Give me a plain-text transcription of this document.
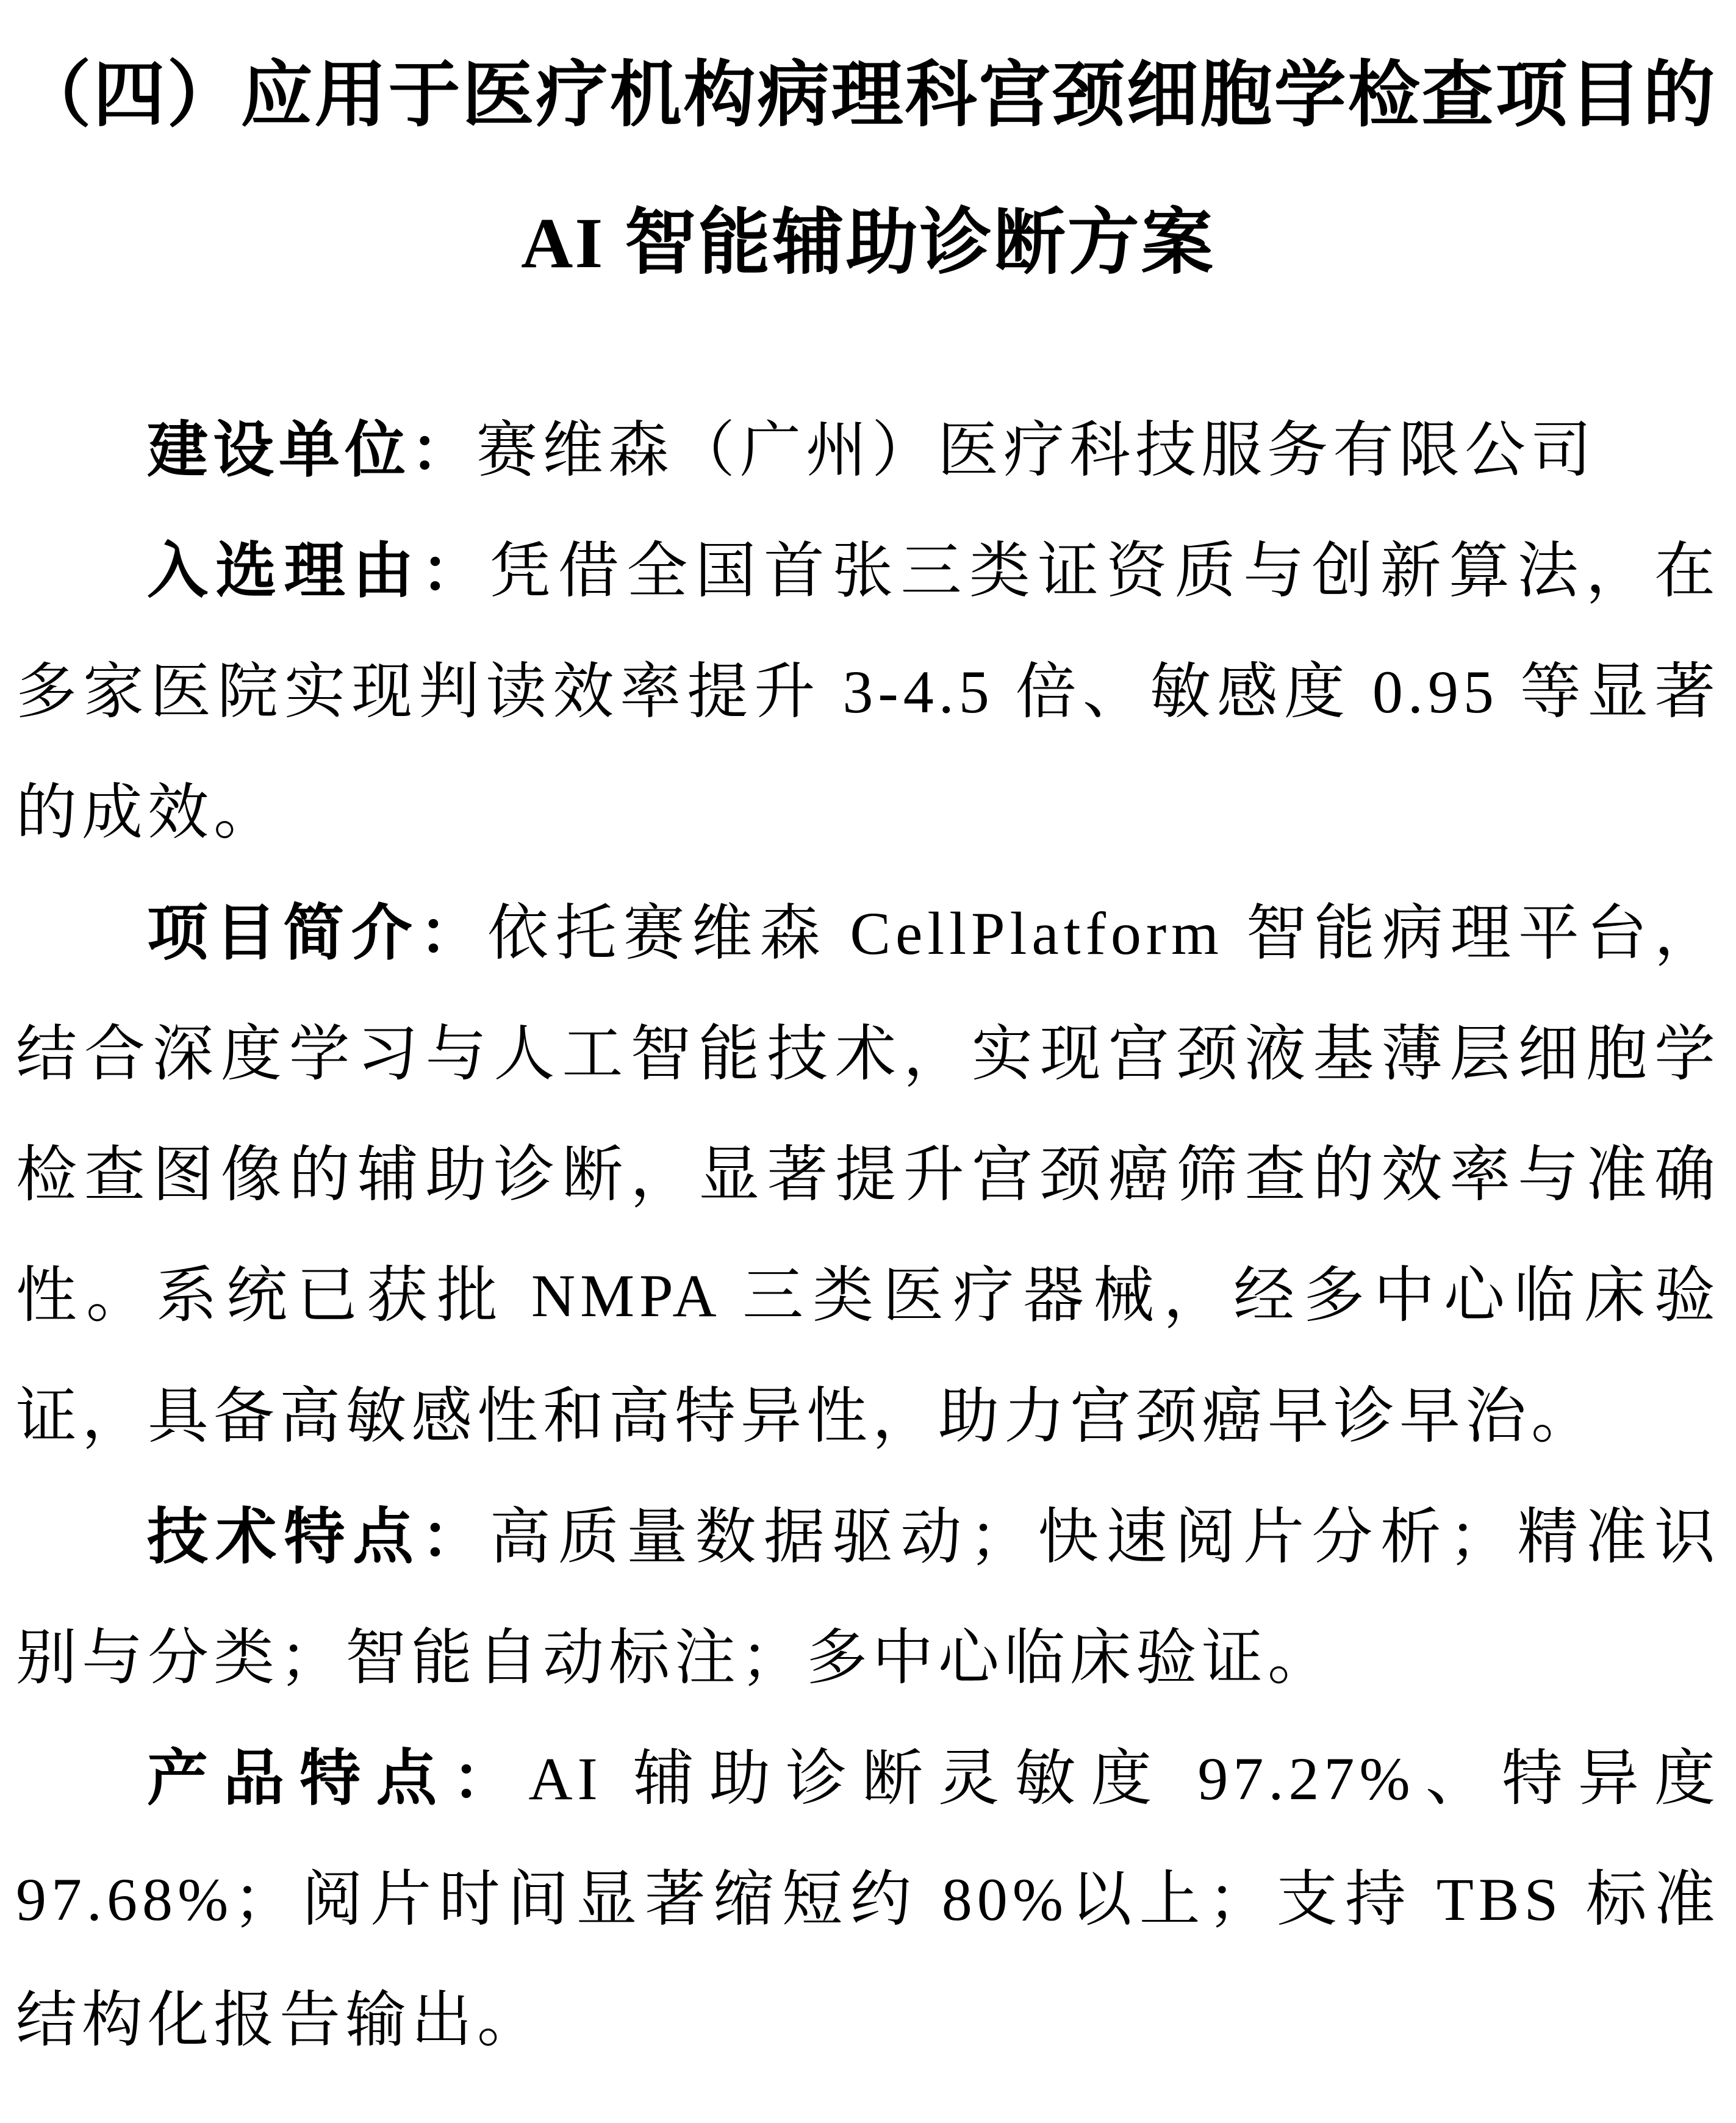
（四）应用于医疗机构病理科宫颈细胞学检查项目的
AI 智能辅助诊断方案

建设单位：赛维森（广州）医疗科技服务有限公司

入选理由：凭借全国首张三类证资质与创新算法，在多家医院实现判读效率提升 3-4.5 倍、敏感度 0.95 等显著的成效。

项目简介：依托赛维森 CellPlatform 智能病理平台，结合深度学习与人工智能技术，实现宫颈液基薄层细胞学检查图像的辅助诊断，显著提升宫颈癌筛查的效率与准确性。系统已获批 NMPA 三类医疗器械，经多中心临床验证，具备高敏感性和高特异性，助力宫颈癌早诊早治。

技术特点：高质量数据驱动；快速阅片分析；精准识别与分类；智能自动标注；多中心临床验证。

产品特点：AI 辅助诊断灵敏度 97.27%、特异度 97.68%；阅片时间显著缩短约 80%以上；支持 TBS 标准结构化报告输出。
